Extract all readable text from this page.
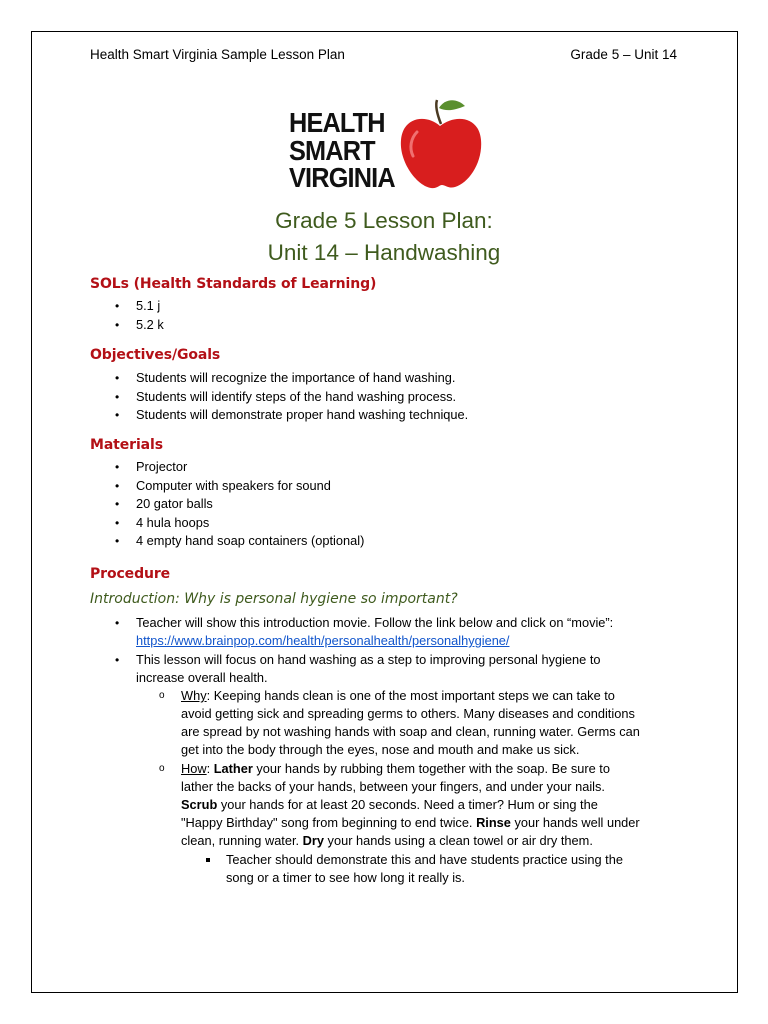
Health Smart Virginia Sample Lesson Plan	Grade 5 – Unit 14
HEALTH
SMART
VIRGINIA
Grade 5 Lesson Plan:
Unit 14 – Handwashing
SOLs (Health Standards of Learning)
• 5.1 j
• 5.2 k
Objectives/Goals
• Students will recognize the importance of hand washing.
• Students will identify steps of the hand washing process.
• Students will demonstrate proper hand washing technique.
Materials
• Projector
• Computer with speakers for sound
• 20 gator balls
• 4 hula hoops
• 4 empty hand soap containers (optional)
Procedure
Introduction: Why is personal hygiene so important?
• Teacher will show this introduction movie. Follow the link below and click on “movie”:
https://www.brainpop.com/health/personalhealth/personalhygiene/
• This lesson will focus on hand washing as a step to improving personal hygiene to
increase overall health.
o Why: Keeping hands clean is one of the most important steps we can take to
avoid getting sick and spreading germs to others. Many diseases and conditions
are spread by not washing hands with soap and clean, running water. Germs can
get into the body through the eyes, nose and mouth and make us sick.
o How: Lather your hands by rubbing them together with the soap. Be sure to
lather the backs of your hands, between your fingers, and under your nails.
Scrub your hands for at least 20 seconds. Need a timer? Hum or sing the
"Happy Birthday" song from beginning to end twice. Rinse your hands well under
clean, running water. Dry your hands using a clean towel or air dry them.
Teacher should demonstrate this and have students practice using the
song or a timer to see how long it really is.
